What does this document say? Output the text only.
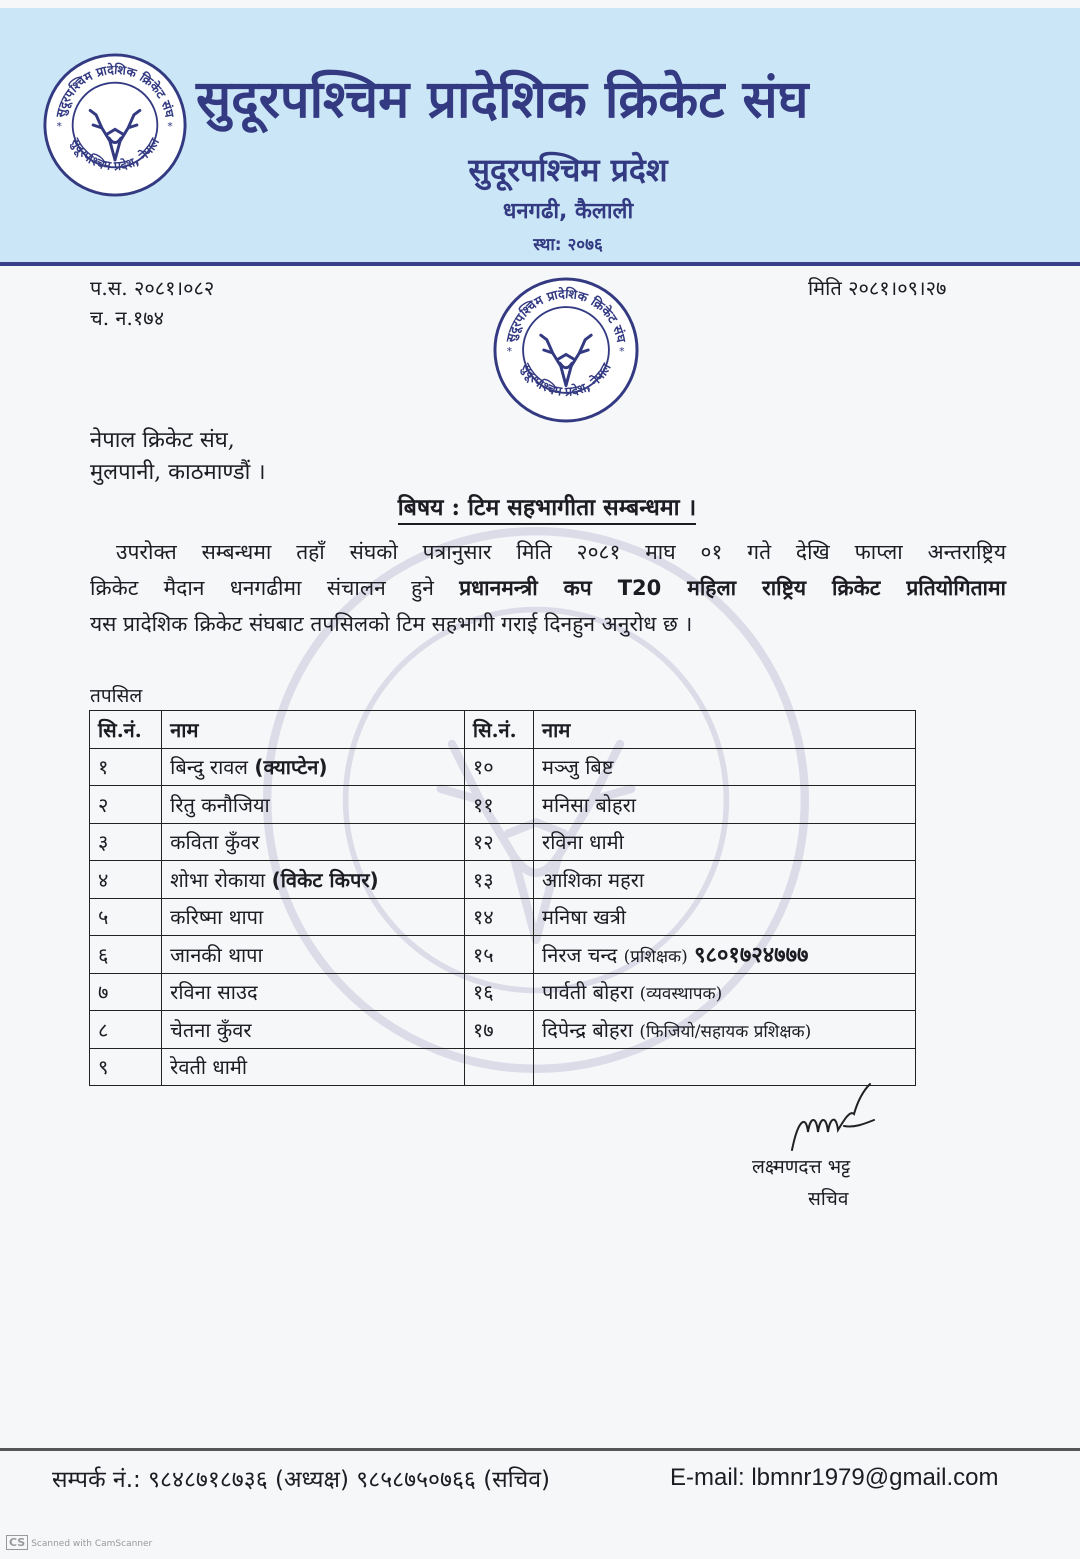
सुदूरपश्चिम प्रादेशिक क्रिकेट संघ
सुदूरपश्चिम प्रदेश, नेपाल
*	* सुदूरपश्चिम प्रादेशिक क्रिकेट संघ
सुदूरपश्चिम प्रदेश
धनगढी, कैलाली
स्था: २०७६
प.स. २०८१।०८२
च. न.१७४
मिति २०८१।०९।२७
सुदूरपश्चिम प्रादेशिक क्रिकेट संघ
सुदूरपश्चिम प्रदेश, नेपाल
*	*
नेपाल क्रिकेट संघ,
मुलपानी, काठमाण्डौं ।
बिषय : टिम सहभागीता सम्बन्धमा ।
उपरोक्त सम्बन्धमा तहाँ संघको पत्रानुसार मिति २०८१ माघ ०१ गते देखि फाप्ला अन्तराष्ट्रिय
क्रिकेट मैदान धनगढीमा संचालन हुने प्रधानमन्त्री कप T20 महिला राष्ट्रिय क्रिकेट प्रतियोगितामा
यस प्रादेशिक क्रिकेट संघबाट तपसिलको टिम सहभागी गराई दिनहुन अनुरोध छ ।
तपसिल
सि.नं.	नाम	सि.नं.	नाम
१	बिन्दु रावल (क्याप्टेन)	१०	मञ्जु बिष्ट
२	रितु कनौजिया	११	मनिसा बोहरा
३	कविता कुँवर	१२	रविना धामी
४	शोभा रोकाया (विकेट किपर)	१३	आशिका महरा
५	करिष्मा थापा	१४	मनिषा खत्री
६	जानकी थापा	१५	निरज चन्द (प्रशिक्षक) ९८०१७२४७७७
७	रविना साउद	१६	पार्वती बोहरा (व्यवस्थापक)
८	चेतना कुँवर	१७	दिपेन्द्र बोहरा (फिजियो/सहायक प्रशिक्षक)
९	रेवती धामी		
लक्ष्मणदत्त भट्ट
सचिव
सम्पर्क नं.: ९८४८७१८७३६ (अध्यक्ष) ९८५८७५०७६६ (सचिव)	E-mail: lbmnr1979@gmail.com
CS Scanned with CamScanner
